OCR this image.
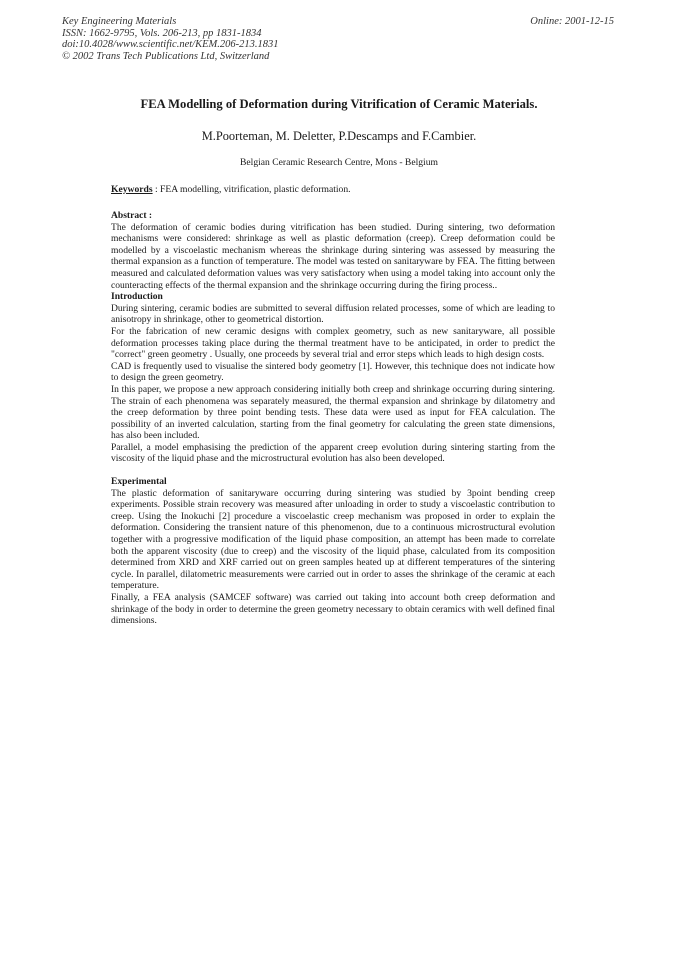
Key Engineering Materials
ISSN: 1662-9795, Vols. 206-213, pp 1831-1834
doi:10.4028/www.scientific.net/KEM.206-213.1831
© 2002 Trans Tech Publications Ltd, Switzerland
Online: 2001-12-15
FEA Modelling of Deformation during Vitrification of Ceramic Materials.
M.Poorteman, M. Deletter, P.Descamps and F.Cambier.
Belgian Ceramic Research Centre, Mons - Belgium
Keywords : FEA modelling, vitrification, plastic deformation.
Abstract :
The deformation of ceramic bodies during vitrification has been studied. During sintering, two deformation mechanisms were considered: shrinkage as well as plastic deformation (creep). Creep deformation could be modelled by a viscoelastic mechanism whereas the shrinkage during sintering was assessed by measuring the thermal expansion as a function of temperature. The model was tested on sanitaryware by FEA. The fitting between measured and calculated deformation values was very satisfactory when using a model taking into account only the counteracting effects of the thermal expansion and the shrinkage occurring during the firing process..
Introduction
During sintering, ceramic bodies are submitted to several diffusion related processes, some of which are leading to anisotropy in shrinkage, other to geometrical distortion.
For the fabrication of new ceramic designs with complex geometry, such as new sanitaryware, all possible deformation processes taking place during the thermal treatment have to be anticipated, in order to predict the "correct" green geometry . Usually, one proceeds by several trial and error steps which leads to high design costs.
CAD is frequently used to visualise the sintered body geometry [1]. However, this technique does not indicate how to design the green geometry.
In this paper, we propose a new approach considering initially both creep and shrinkage occurring during sintering. The strain of each phenomena was separately measured, the thermal expansion and shrinkage by dilatometry and the creep deformation by three point bending tests. These data were used as input for FEA calculation. The possibility of an inverted calculation, starting from the final geometry for calculating the green state dimensions, has also been included.
Parallel, a model emphasising the prediction of the apparent creep evolution during sintering starting from the viscosity of the liquid phase and the microstructural evolution has also been developed.
Experimental
The plastic deformation of sanitaryware occurring during sintering was studied by 3point bending creep experiments. Possible strain recovery was measured after unloading in order to study a viscoelastic contribution to creep. Using the Inokuchi [2] procedure a viscoelastic creep mechanism was proposed in order to explain the deformation. Considering the transient nature of this phenomenon, due to a continuous microstructural evolution together with a progressive modification of the liquid phase composition, an attempt has been made to correlate both the apparent viscosity (due to creep) and the viscosity of the liquid phase, calculated from its composition determined from XRD and XRF carried out on green samples heated up at different temperatures of the sintering cycle. In parallel, dilatometric measurements were carried out in order to asses the shrinkage of the ceramic at each temperature.
Finally, a FEA analysis (SAMCEF software) was carried out taking into account both creep deformation and shrinkage of the body in order to determine the green geometry necessary to obtain ceramics with well defined final dimensions.
